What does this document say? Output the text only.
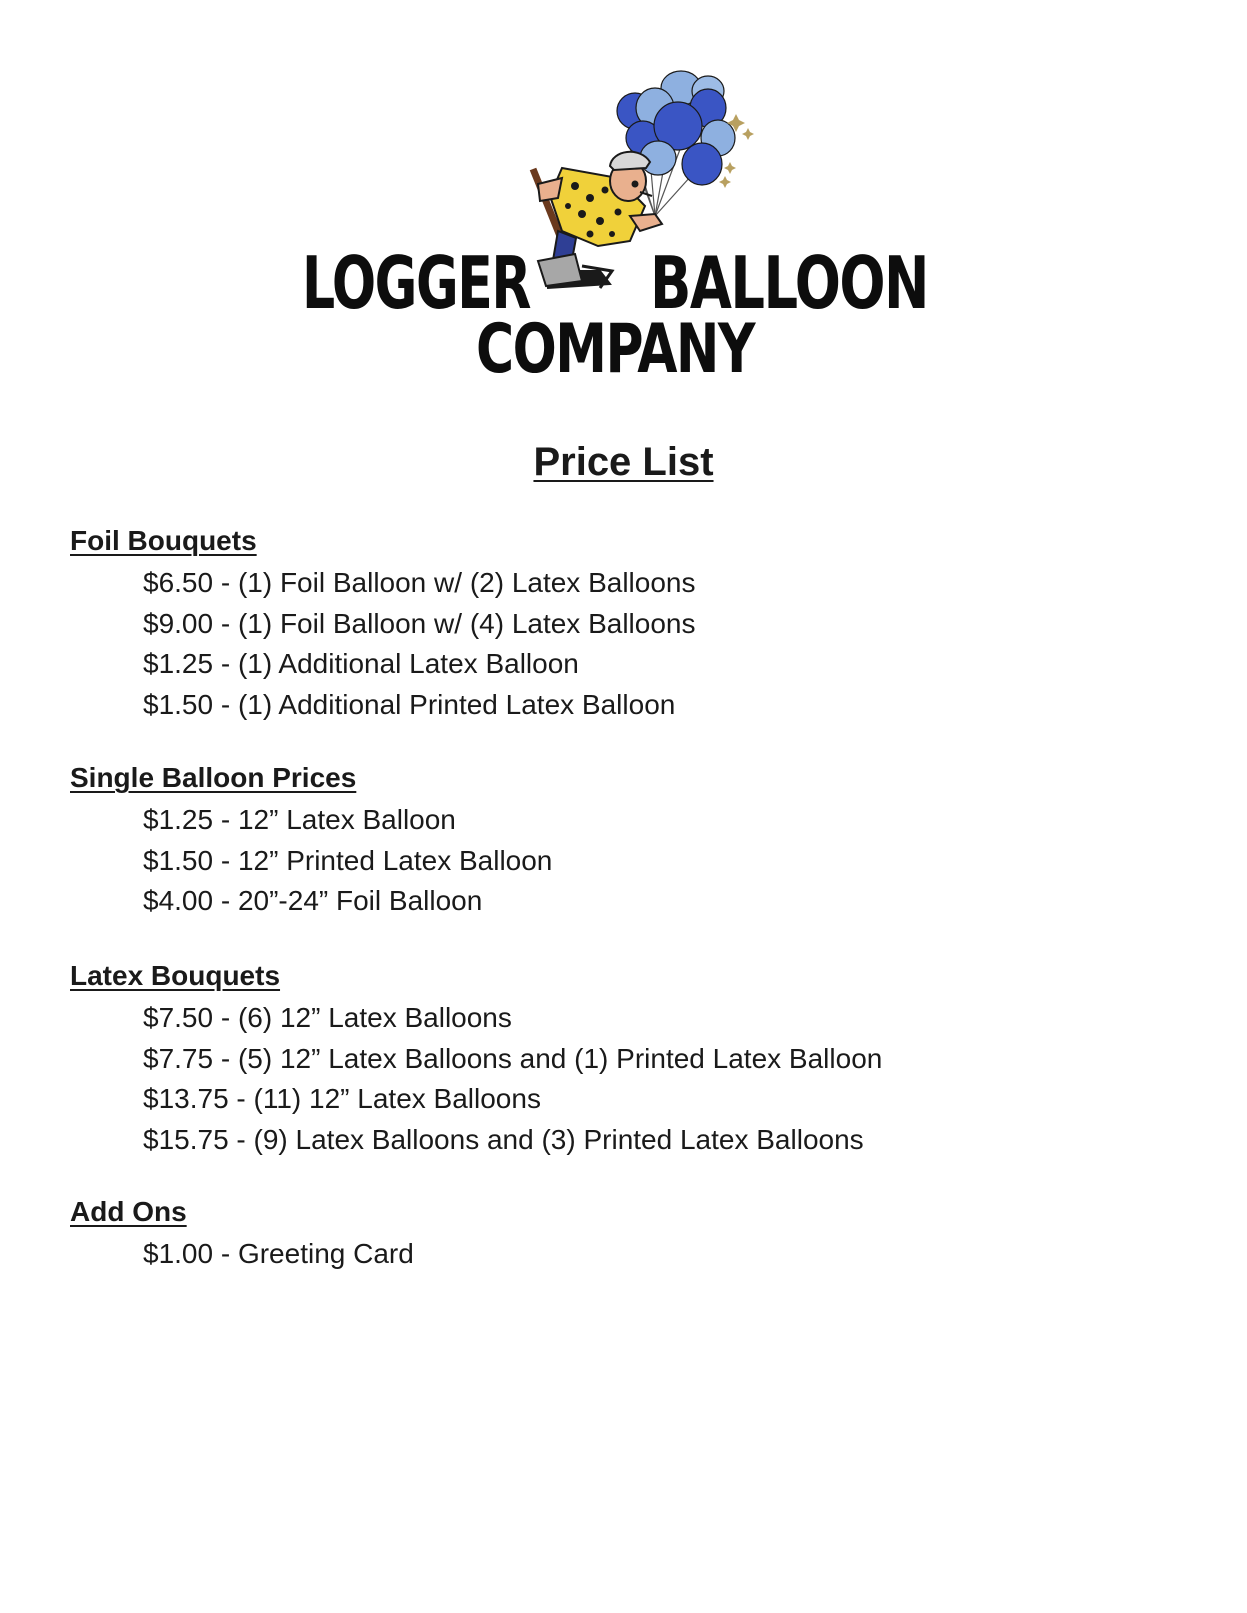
LOGGER BALLOON
COMPANY
Price List
Foil Bouquets
$6.50 - (1) Foil Balloon w/ (2) Latex Balloons
$9.00 - (1) Foil Balloon w/ (4) Latex Balloons
$1.25 - (1) Additional Latex Balloon
$1.50 - (1) Additional Printed Latex Balloon
Single Balloon Prices
$1.25 - 12” Latex Balloon
$1.50 - 12” Printed Latex Balloon
$4.00 - 20”-24” Foil Balloon
Latex Bouquets
$7.50 - (6) 12” Latex Balloons
$7.75 - (5) 12” Latex Balloons and (1) Printed Latex Balloon
$13.75 - (11) 12” Latex Balloons
$15.75 - (9) Latex Balloons and (3) Printed Latex Balloons
Add Ons
$1.00 - Greeting Card
